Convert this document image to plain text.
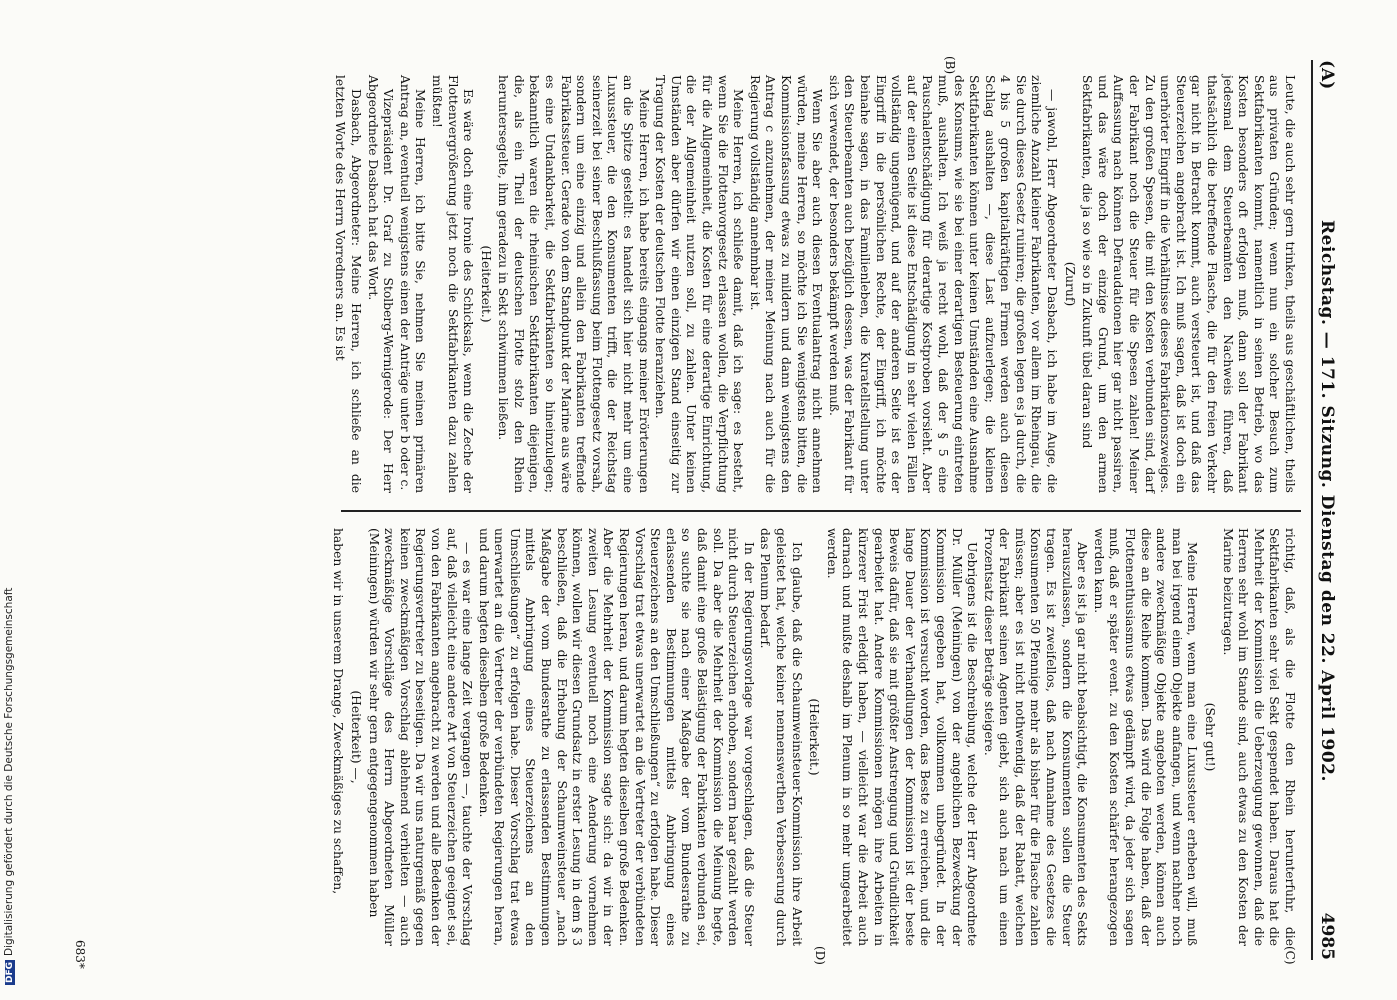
(A)
Reichstag. — 171. Sitzung. Dienstag den 22. April 1902.
4985
(B)
(C)
(D)

Leute, die auch sehr gern trinken, theils aus geschäftlichen, theils aus privaten Gründen; wenn nun ein solcher Besuch zum Sektfabrikanten kommt, namentlich in seinen Betrieb, wo das Kosten besonders oft erfolgen muß, dann soll der Fabrikant jedesmal dem Steuerbeamten den Nachweis führen, daß thatsächlich die betreffende Flasche, die für den freien Verkehr gar nicht in Betracht kommt, auch versteuert ist, und daß das Steuerzeichen angebracht ist. Ich muß sagen, daß ist doch ein unerhörter Eingriff in die Verhältnisse dieses Fabrikationszweiges. Zu den großen Spesen, die mit den Kosten verbunden sind, darf der Fabrikant noch die Steuer für die Spesen zahlen! Meiner Auffassung nach können Defraudationen hier gar nicht passiren, und das wäre doch der einzige Grund, um den armen Sektfabrikanten, die ja so wie so in Zukunft übel daran sind

(Zuruf)

— jawohl, Herr Abgeordneter Dasbach, ich habe im Auge, die ziemliche Anzahl kleiner Fabrikanten, vor allem im Rheingau, die Sie durch dieses Gesetz ruiniren; die großen legen es ja durch, die 4 bis 5 großen kapitalkräftigen Firmen werden auch diesen Schlag aushalten —, diese Last aufzuerlegen; die kleinen Sektfabrikanten können unter keinen Umständen eine Ausnahme des Konsums, wie sie bei einer derartigen Besteuerung eintreten muß, aushalten. Ich weiß ja recht wohl, daß der § 5 eine Pauschalentschädigung für derartige Kostproben vorsieht. Aber auf der einen Seite ist diese Entschädigung in sehr vielen Fällen vollständig ungenügend, und auf der anderen Seite ist es der Eingriff in die persönlichen Rechte, der Eingriff, ich möchte beinahe sagen, in das Familienleben, die Kuratellstellung unter den Steuerbeamten auch bezüglich dessen, was der Fabrikant für sich verwendet, der besonders bekämpft werden muß.

Wenn Sie aber auch diesen Eventualantrag nicht annehmen würden, meine Herren, so möchte ich Sie wenigstens bitten, die Kommissionsfassung etwas zu mildern und dann wenigstens den Antrag c anzunehmen, der meiner Meinung nach auch für die Regierung vollständig annehmbar ist.

Meine Herren, ich schließe damit, daß ich sage: es besteht, wenn Sie die Flottenvorgesetz erlassen wollen, die Verpflichtung für die Allgemeinheit, die Kosten für eine derartige Einrichtung, die der Allgemeinheit nutzen soll, zu zahlen. Unter keinen Umständen aber dürfen wir einen einzigen Stand einseitig zur Tragung der Kosten der deutschen Flotte heranziehen.

Meine Herren, ich habe bereits eingangs meiner Erörterungen an die Spitze gestellt: es handelt sich hier nicht mehr um eine Luxussteuer, die den Konsumenten trifft, die der Reichstag seinerzeit bei seiner Beschlußfassung beim Flottengesetz vorsah, sondern um eine einzig und allein den Fabrikanten treffende Fabrikatssteuer. Gerade von dem Standpunkt der Marine aus wäre es eine Undankbarkeit, die Sektfabrikanten so hineinzulegen; bekanntlich waren die rheinischen Sektfabrikanten diejenigen, die, als ein Theil der deutschen Flotte stolz den Rhein heruntersegelte, ihm geradezu in Sekt schwimmen ließen.

(Heiterkeit.)

Es wäre doch eine Ironie des Schicksals, wenn die Zeche der Flottenvergrößerung jetzt noch die Sektfabrikanten dazu zahlen müßten!

Meine Herren, ich bitte Sie, nehmen Sie meinen primären Antrag an, eventuell wenigstens einen der Anträge unter b oder c.

Vizepräsident Dr. Graf zu Stolberg-Wernigerode: Der Herr Abgeordnete Dasbach hat das Wort.

Dasbach, Abgeordneter: Meine Herren, ich schließe an die letzten Worte des Herrn Vorredners an. Es ist

richtig, daß, als die Flotte den Rhein herunterfuhr, die Sektfabrikanten sehr viel Sekt gespendet haben. Daraus hat die Mehrheit der Kommission die Ueberzeugung gewonnen, daß die Herren sehr wohl im Stande sind, auch etwas zu den Kosten der Marine beizutragen.

(Sehr gut!)

Meine Herren, wenn man eine Luxussteuer erheben will, muß man bei irgend einem Objekte anfangen, und wenn nachher noch andere zweckmäßige Objekte angeboten werden, können auch diese an die Reihe kommen. Das wird die Folge haben, daß der Flottenenthusiasmus etwas gedämpft wird, da jeder sich sagen muß, daß er später event. zu den Kosten schärfer herangezogen werden kann.

Aber es ist ja gar nicht beabsichtigt, die Konsumenten des Sekts herauszulassen, sondern die Konsumenten sollen die Steuer tragen. Es ist zweifellos, daß nach Annahme des Gesetzes die Konsumenten 50 Pfennige mehr als bisher für die Flasche zahlen müssen; aber es ist nicht nothwendig, daß der Rabatt, welchen der Fabrikant seinen Agenten giebt, sich auch nach um einen Prozentsatz dieser Beträge steigere.

Uebrigens ist die Beschreibung, welche der Herr Abgeordnete Dr. Müller (Meiningen) von der angeblichen Bezweckung der Kommission gegeben hat, vollkommen unbegründet. In der Kommission ist versucht worden, das Beste zu erreichen, und die lange Dauer der Verhandlungen der Kommission ist der beste Beweis dafür, daß sie mit größter Anstrengung und Gründlichkeit gearbeitet hat. Andere Kommissionen mögen ihre Arbeiten in kürzerer Frist erledigt haben, — vielleicht war die Arbeit auch darnach und mußte deshalb im Plenum in so mehr umgearbeitet werden.

(Heiterkeit.)

Ich glaube, daß die Schaumweinsteuer-Kommission ihre Arbeit geleistet hat, welche keiner nennenswerthen Verbesserung durch das Plenum bedarf.

In der Regierungsvorlage war vorgeschlagen, daß die Steuer nicht durch Steuerzeichen erhoben, sondern baar gezahlt werden soll. Da aber die Mehrheit der Kommission die Meinung hegte, daß damit eine große Belästigung der Fabrikanten verbunden sei, so suchte sie nach einer Maßgabe der vom Bundesrathe zu erlassenden Bestimmungen mittels Anbringung eines Steuerzeichens an den Umschließungen“ zu erfolgen habe. Dieser Vorschlag trat etwas unerwartet an die Vertreter der verbündeten Regierungen heran, und darum hegten dieselben große Bedenken. Aber die Mehrheit der Kommission sagte sich: da wir in der zweiten Lesung eventuell noch eine Aenderung vornehmen können, wollen wir diesen Grundsatz in erster Lesung in dem § 3 beschließen, daß die Erhebung der Schaumweinsteuer „nach Maßgabe der vom Bundesrathe zu erlassenden Bestimmungen mittels Anbringung eines Steuerzeichens an den Umschließungen“ zu erfolgen habe. Dieser Vorschlag trat etwas unerwartet an die Vertreter der verbündeten Regierungen heran, und darum hegten dieselben große Bedenken.

— es war eine lange Zeit vergangen —, tauchte der Vorschlag auf, daß vielleicht eine andere Art von Steuerzeichen geeignet sei, von den Fabrikanten angebracht zu werden und alle Bedenken der Regierungsvertreter zu beseitigen. Da wir uns naturgemäß gegen keinen zweckmäßigen Vorschlag ablehnend verhielten — auch zweckmäßige Vorschläge des Herrn Abgeordneten Müller (Meiningen) würden wir sehr gern entgegengenommen haben

(Heiterkeit) —,

haben wir in unserem Drange, Zweckmäßiges zu schaffen,

683*
DFGDigitalisierung gefördert durch die Deutsche Forschungsgemeinschaft
